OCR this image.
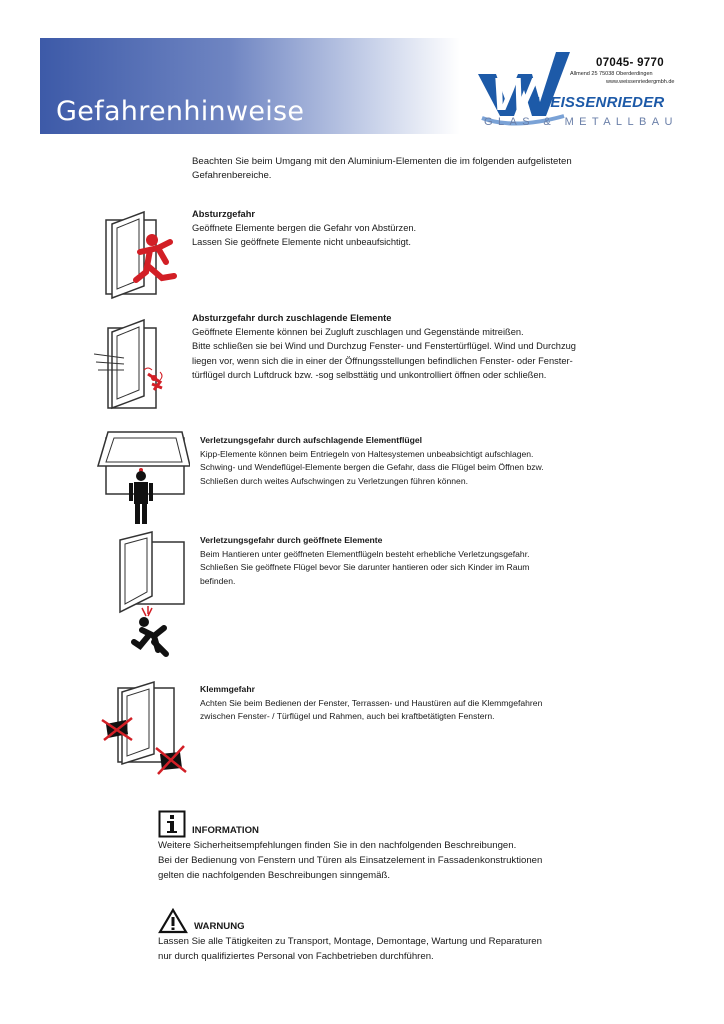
Gefahrenhinweise	W
07045- 9770
Allmend 25 75038 Oberderdingen
www.weissenriedergmbh.de
WEISSENRIEDER
GLAS & METALLBAU
Beachten Sie beim Umgang mit den Aluminium-Elementen die im folgenden aufgelisteten Gefahrenbereiche.
Absturzgefahr
Geöffnete Elemente bergen die Gefahr von Abstürzen.
Lassen Sie geöffnete Elemente nicht unbeaufsichtigt.
Absturzgefahr durch zuschlagende Elemente
Geöffnete Elemente können bei Zugluft zuschlagen und Gegenstände mitreißen.
Bitte schließen sie bei Wind und Durchzug Fenster- und Fenstertürflügel. Wind und Durchzug
liegen vor, wenn sich die in einer der Öffnungsstellungen befindlichen Fenster- oder Fenster-
türflügel durch Luftdruck bzw. -sog selbsttätig und unkontrolliert öffnen oder schließen.
Verletzungsgefahr durch aufschlagende Elementflügel
Kipp-Elemente können beim Entriegeln von Haltesystemen unbeabsichtigt aufschlagen.
Schwing- und Wendeflügel-Elemente bergen die Gefahr, dass die Flügel beim Öffnen bzw.
Schließen durch weites Aufschwingen zu Verletzungen führen können.
Verletzungsgefahr durch geöffnete Elemente
Beim Hantieren unter geöffneten Elementflügeln besteht erhebliche Verletzungsgefahr.
Schließen Sie geöffnete Flügel bevor Sie darunter hantieren oder sich Kinder im Raum
befinden.
Klemmgefahr
Achten Sie beim Bedienen der Fenster, Terrassen- und Haustüren auf die Klemmgefahren
zwischen Fenster- / Türflügel und Rahmen, auch bei kraftbetätigten Fenstern.
INFORMATION
Weitere Sicherheitsempfehlungen finden Sie in den nachfolgenden Beschreibungen.
Bei der Bedienung von Fenstern und Türen als Einsatzelement in Fassadenkonstruktionen
gelten die nachfolgenden Beschreibungen sinngemäß.
WARNUNG
Lassen Sie alle Tätigkeiten zu Transport, Montage, Demontage, Wartung und Reparaturen
nur durch qualifiziertes Personal von Fachbetrieben durchführen.
